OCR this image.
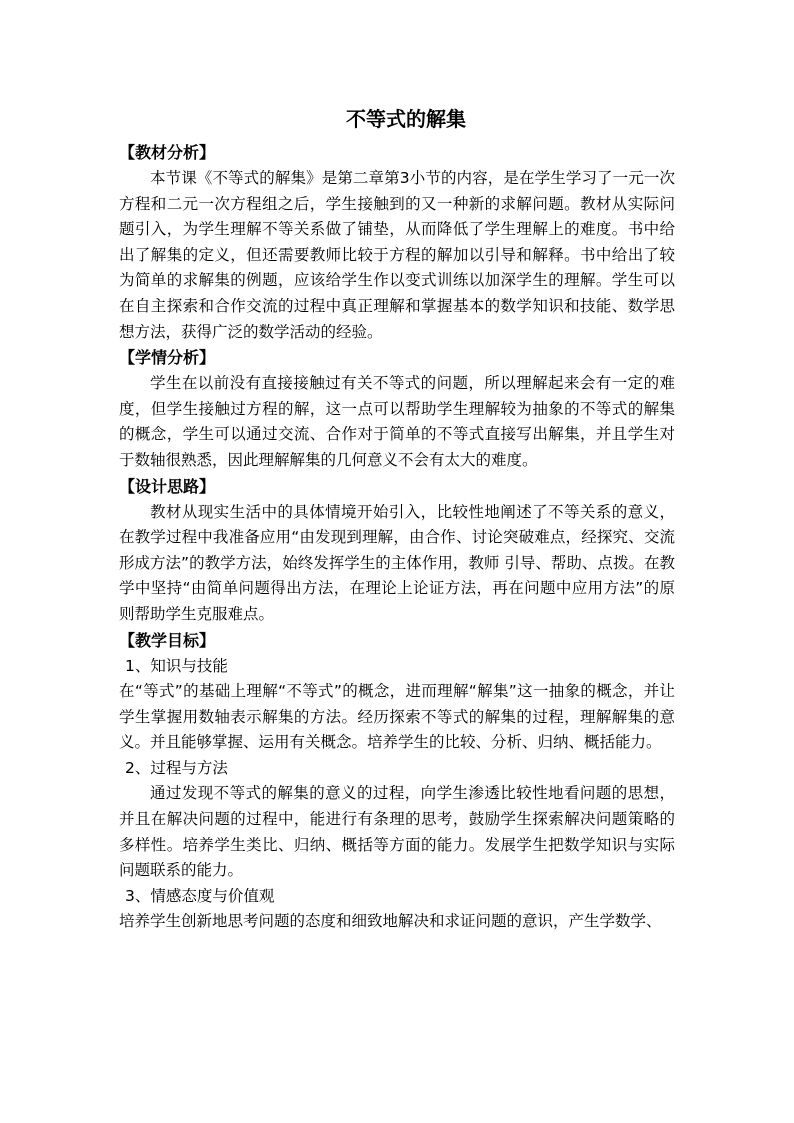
不等式的解集
【教材分析】

本节课《不等式的解集》是第二章第3小节的内容，是在学生学习了一元一次方程和二元一次方程组之后，学生接触到的又一种新的求解问题。教材从实际问题引入，为学生理解不等关系做了铺垫，从而降低了学生理解上的难度。书中给出了解集的定义，但还需要教师比较于方程的解加以引导和解释。书中给出了较为简单的求解集的例题，应该给学生作以变式训练以加深学生的理解。学生可以在自主探索和合作交流的过程中真正理解和掌握基本的数学知识和技能、数学思想方法，获得广泛的数学活动的经验。

【学情分析】

学生在以前没有直接接触过有关不等式的问题，所以理解起来会有一定的难度，但学生接触过方程的解，这一点可以帮助学生理解较为抽象的不等式的解集的概念，学生可以通过交流、合作对于简单的不等式直接写出解集，并且学生对于数轴很熟悉，因此理解解集的几何意义不会有太大的难度。

【设计思路】

教材从现实生活中的具体情境开始引入，比较性地阐述了不等关系的意义，在教学过程中我准备应用“由发现到理解，由合作、讨论突破难点，经探究、交流形成方法”的教学方法，始终发挥学生的主体作用，教师 引导、帮助、点拨。在教学中坚持“由简单问题得出方法，在理论上论证方法，再在问题中应用方法”的原则帮助学生克服难点。

【教学目标】

1、知识与技能

在“等式”的基础上理解“不等式”的概念，进而理解“解集”这一抽象的概念，并让学生掌握用数轴表示解集的方法。经历探索不等式的解集的过程，理解解集的意义。并且能够掌握、运用有关概念。培养学生的比较、分析、归纳、概括能力。

2、过程与方法

通过发现不等式的解集的意义的过程，向学生渗透比较性地看问题的思想，并且在解决问题的过程中，能进行有条理的思考，鼓励学生探索解决问题策略的多样性。培养学生类比、归纳、概括等方面的能力。发展学生把数学知识与实际问题联系的能力。

3、情感态度与价值观

培养学生创新地思考问题的态度和细致地解决和求证问题的意识，产生学数学、
